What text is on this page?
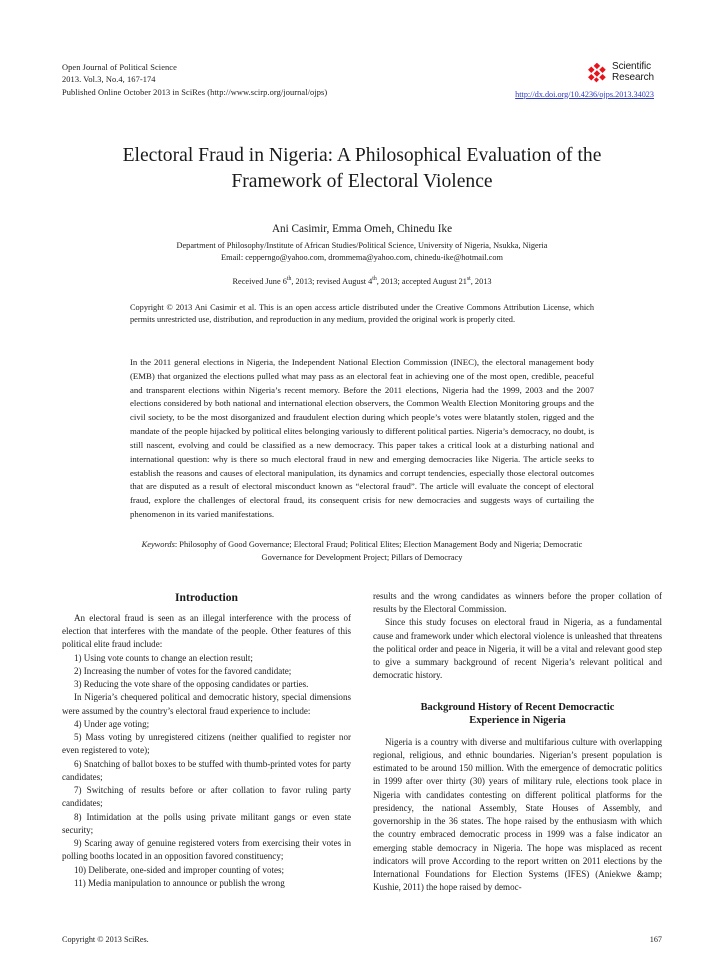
Open Journal of Political Science
2013. Vol.3, No.4, 167-174
Published Online October 2013 in SciRes (http://www.scirp.org/journal/ojps)
Scientific
Research
http://dx.doi.org/10.4236/ojps.2013.34023
Electoral Fraud in Nigeria: A Philosophical Evaluation of the Framework of Electoral Violence
Ani Casimir, Emma Omeh, Chinedu Ike
Department of Philosophy/Institute of African Studies/Political Science, University of Nigeria, Nsukka, Nigeria
Email: cepperngo@yahoo.com, drommema@yahoo.com, chinedu-ike@hotmail.com
Received June 6th, 2013; revised August 4th, 2013; accepted August 21st, 2013

Copyright © 2013 Ani Casimir et al. This is an open access article distributed under the Creative Commons Attribution License, which permits unrestricted use, distribution, and reproduction in any medium, provided the original work is properly cited.

In the 2011 general elections in Nigeria, the Independent National Election Commission (INEC), the electoral management body (EMB) that organized the elections pulled what may pass as an electoral feat in achieving one of the most open, credible, peaceful and transparent elections within Nigeria’s recent memory. Before the 2011 elections, Nigeria had the 1999, 2003 and the 2007 elections considered by both national and international election observers, the Common Wealth Election Monitoring groups and the civil society, to be the most disorganized and fraudulent election during which people’s votes were blatantly stolen, rigged and the mandate of the people hijacked by political elites belonging variously to different political parties. Nigeria’s democracy, no doubt, is still nascent, evolving and could be classified as a new democracy. This paper takes a critical look at a disturbing national and international question: why is there so much electoral fraud in new and emerging democracies like Nigeria. The article seeks to establish the reasons and causes of electoral manipulation, its dynamics and corrupt tendencies, especially those electoral outcomes that are disputed as a result of electoral misconduct known as “electoral fraud”. The article will evaluate the concept of electoral fraud, explore the challenges of electoral fraud, its consequent crisis for new democracies and suggests ways of curtailing the phenomenon in its varied manifestations.

Keywords: Philosophy of Good Governance; Electoral Fraud; Political Elites; Election Management Body and Nigeria; Democratic Governance for Development Project; Pillars of Democracy

Introduction

An electoral fraud is seen as an illegal interference with the process of election that interferes with the mandate of the people. Other features of this political elite fraud include:

1) Using vote counts to change an election result;

2) Increasing the number of votes for the favored candidate;

3) Reducing the vote share of the opposing candidates or parties.

In Nigeria’s chequered political and democratic history, special dimensions were assumed by the country’s electoral fraud experience to include:

4) Under age voting;

5) Mass voting by unregistered citizens (neither qualified to register nor even registered to vote);

6) Snatching of ballot boxes to be stuffed with thumb-printed votes for party candidates;

7) Switching of results before or after collation to favor ruling party candidates;

8) Intimidation at the polls using private militant gangs or even state security;

9) Scaring away of genuine registered voters from exercising their votes in polling booths located in an opposition favored constituency;

10) Deliberate, one-sided and improper counting of votes;

11) Media manipulation to announce or publish the wrong

results and the wrong candidates as winners before the proper collation of results by the Electoral Commission.

Since this study focuses on electoral fraud in Nigeria, as a fundamental cause and framework under which electoral violence is unleashed that threatens the political order and peace in Nigeria, it will be a vital and relevant good step to give a summary background of recent Nigeria’s relevant political and democratic history.

Background History of Recent Democractic
Experience in Nigeria

Nigeria is a country with diverse and multifarious culture with overlapping regional, religious, and ethnic boundaries. Nigerian’s present population is estimated to be around 150 million. With the emergence of democratic politics in 1999 after over thirty (30) years of military rule, elections took place in Nigeria with candidates contesting on different political platforms for the presidency, the national Assembly, State Houses of Assembly, and governorship in the 36 states. The hope raised by the enthusiasm with which the country embraced democratic process in 1999 was a false indicator an emerging stable democracy in Nigeria. The hope was misplaced as recent indicators will prove According to the report written on 2011 elections by the International Foundations for Election Systems (IFES) (Aniekwe &amp; Kushie, 2011) the hope raised by democ-

Copyright © 2013 SciRes.	167
